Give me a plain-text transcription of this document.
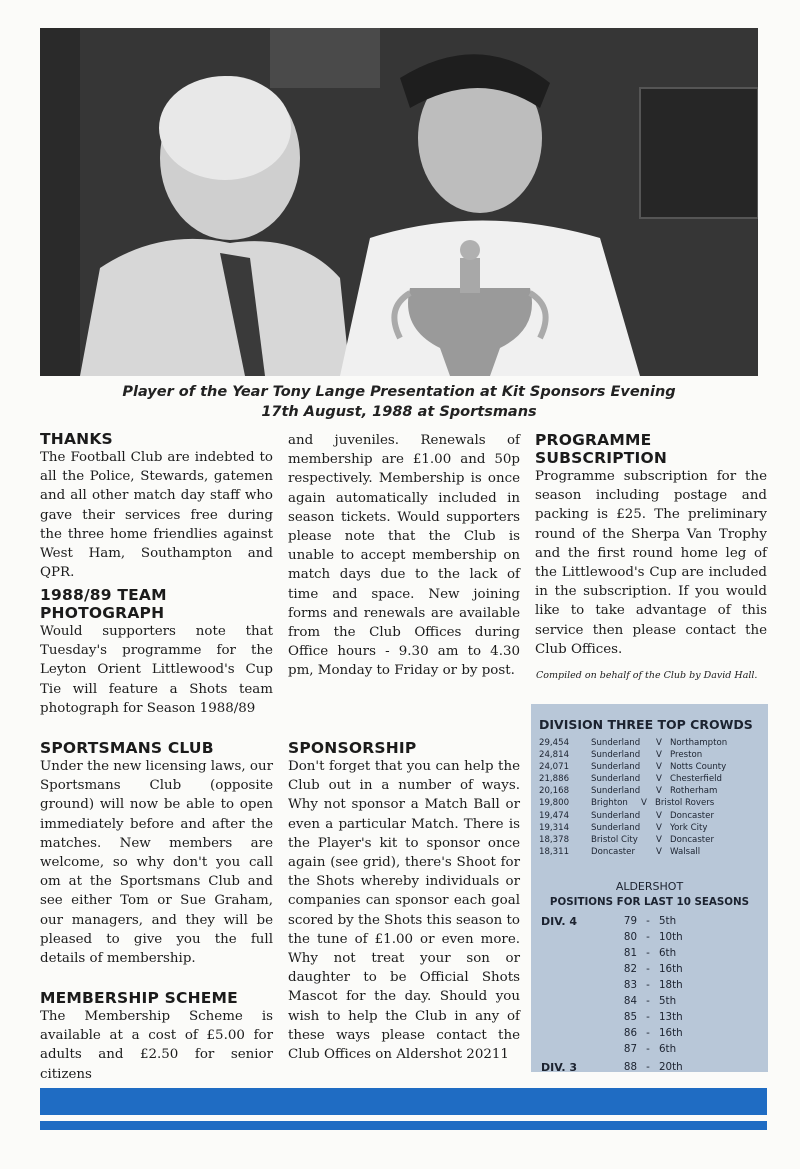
Player of the Year Tony Lange Presentation at Kit Sponsors Evening
17th August, 1988 at Sportsmans
THANKS

The Football Club are indebted to all the Police, Stewards, gatemen and all other match day staff who gave their services free during the three home friendlies against West Ham, Southampton and QPR.

1988/89 TEAM
PHOTOGRAPH

Would supporters note that Tuesday's programme for the Leyton Orient Littlewood's Cup Tie will feature a Shots team photograph for Season 1988/89

SPORTSMANS CLUB

Under the new licensing laws, our Sportsmans Club (opposite ground) will now be able to open immediately before and after the matches. New members are welcome, so why don't you call om at the Sportsmans Club and see either Tom or Sue Graham, our managers, and they will be pleased to give you the full details of membership.

MEMBERSHIP SCHEME

The Membership Scheme is available at a cost of £5.00 for adults and £2.50 for senior citizens

and juveniles. Renewals of membership are £1.00 and 50p respectively. Membership is once again automatically included in season tickets. Would supporters please note that the Club is unable to accept membership on match days due to the lack of time and space. New joining forms and renewals are available from the Club Offices during Office hours - 9.30 am to 4.30 pm, Monday to Friday or by post.

SPONSORSHIP

Don't forget that you can help the Club out in a number of ways. Why not sponsor a Match Ball or even a particular Match. There is the Player's kit to sponsor once again (see grid), there's Shoot for the Shots whereby individuals or companies can sponsor each goal scored by the Shots this season to the tune of £1.00 or even more. Why not treat your son or daughter to be Official Shots Mascot for the day. Should you wish to help the Club in any of these ways please contact the Club Offices on Aldershot 20211

PROGRAMME
SUBSCRIPTION

Programme subscription for the season including postage and packing is £25. The preliminary round of the Sherpa Van Trophy and the first round home leg of the Littlewood's Cup are included in the subscription. If you would like to take advantage of this service then please contact the Club Offices.

Compiled on behalf of the Club by David Hall.
DIVISION THREE TOP CROWDS
29,454	Sunderland V Northampton
24,814	Sunderland V Preston
24,071	Sunderland V Notts County
21,886	Sunderland V Chesterfield
20,168	Sunderland V Rotherham
19,800	Brighton V Bristol Rovers
19,474	Sunderland V Doncaster
19,314	Sunderland V York City
18,378	Bristol City V Doncaster
18,311	Doncaster V Walsall
ALDERSHOT
POSITIONS FOR LAST 10 SEASONS
DIV. 4	79 - 5th
80 - 10th
81 - 6th
82 - 16th
83 - 18th
84 - 5th
85 - 13th
86 - 16th
87 - 6th
DIV. 3	88 - 20th
